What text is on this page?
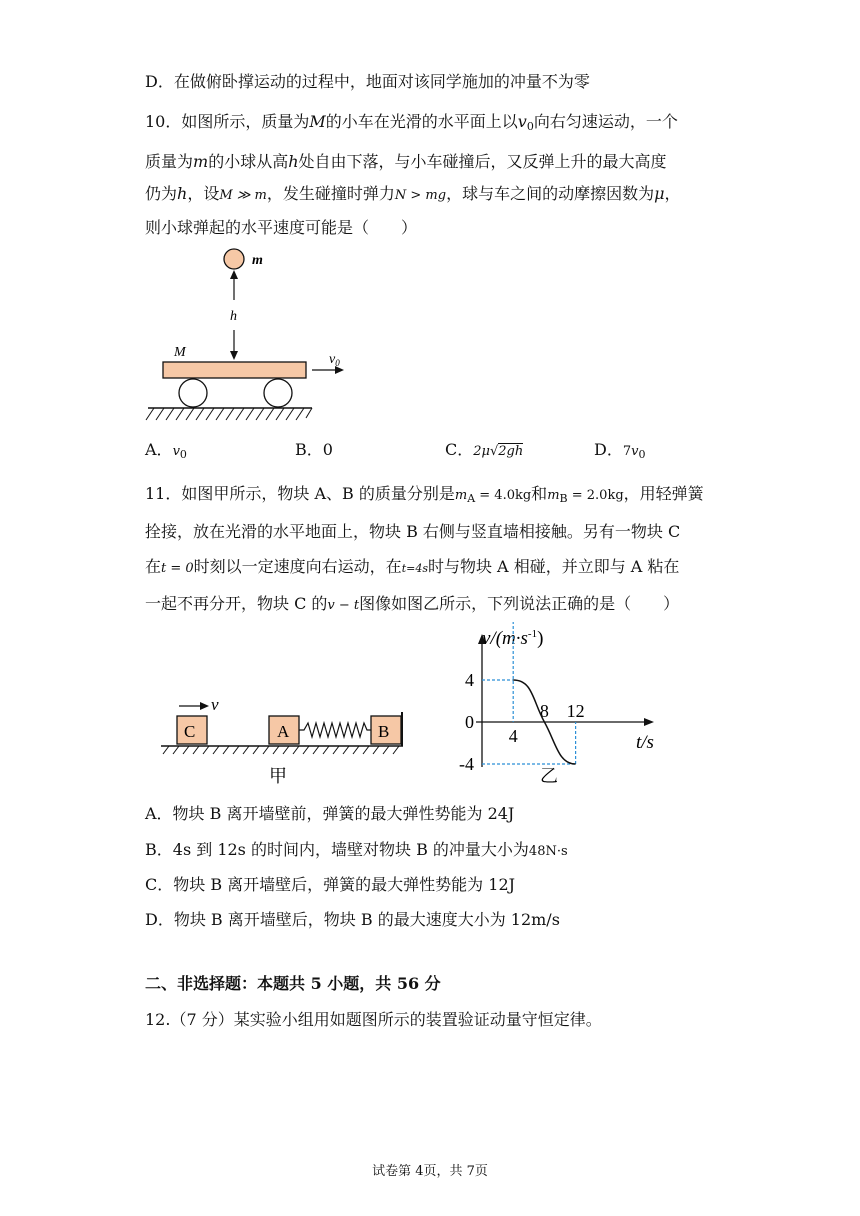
D．在做俯卧撑运动的过程中，地面对该同学施加的冲量不为零
10．如图所示，质量为M的小车在光滑的水平面上以$v_0$向右匀速运动，一个
质量为m的小球从高h处自由下落，与小车碰撞后，又反弹上升的最大高度
仍为h，设M ≫ m，发生碰撞时弹力N > mg，球与车之间的动摩擦因数为μ，
则小球弹起的水平速度可能是（　　）
m
h
M	$v_0$
A．$v_0$	B．0	C．2μ√2gh	D．$7v_0$
11．如图甲所示，物块 A、B 的质量分别是$m_A = 4.0kg$和$m_B = 2.0kg$，用轻弹簧
拴接，放在光滑的水平地面上，物块 B 右侧与竖直墙相接触。另有一物块 C
在t = 0时刻以一定速度向右运动，在t=4s时与物块 A 相碰，并立即与 A 粘在
一起不再分开，物块 C 的v − t图像如图乙所示，下列说法正确的是（　　）
v
C	A	B
甲
$v/(m\cdot s^{-1})$
t/s
4
0
-4
4
8 12
乙
A．物块 B 离开墙壁前，弹簧的最大弹性势能为 24J
B．4s 到 12s 的时间内，墙壁对物块 B 的冲量大小为48N·s
C．物块 B 离开墙壁后，弹簧的最大弹性势能为 12J
D．物块 B 离开墙壁后，物块 B 的最大速度大小为 12m/s
二、非选择题：本题共 5 小题，共 56 分
12.（7 分）某实验小组用如题图所示的装置验证动量守恒定律。
试卷第 4页，共 7页
